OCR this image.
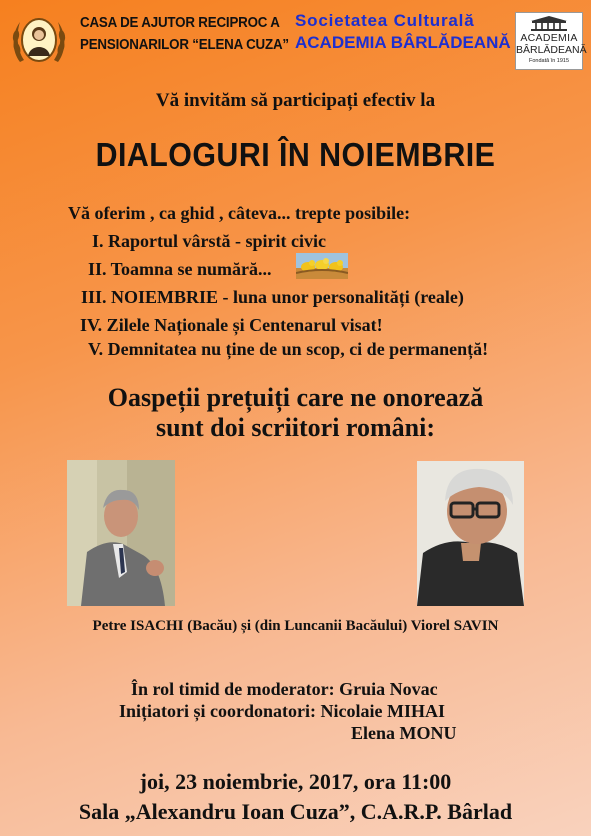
CASA DE AJUTOR RECIPROC A
PENSIONARILOR “ELENA CUZA”
Societatea Culturală
ACADEMIA BÂRLĂDEANĂ ACADEMIA
BÂRLĂDEANĂ
Fondată în 1915
Vă invităm să participați efectiv la
DIALOGURI ÎN NOIEMBRIE
Vă oferim , ca ghid , câteva... trepte posibile:
I. Raportul vârstă - spirit civic
II. Toamna se numără...
III. NOIEMBRIE - luna unor personalități (reale)
IV. Zilele Naționale și Centenarul visat!
V. Demnitatea nu ține de un scop, ci de permanență!
Oaspeții prețuiți care ne onorează
sunt doi scriitori români:
Petre ISACHI (Bacău) și (din Luncanii Bacăului) Viorel SAVIN
În rol timid de moderator: Gruia Novac
Inițiatori și coordonatori: Nicolaie MIHAI
Elena MONU
joi, 23 noiembrie, 2017, ora 11:00
Sala „Alexandru Ioan Cuza”, C.A.R.P. Bârlad
